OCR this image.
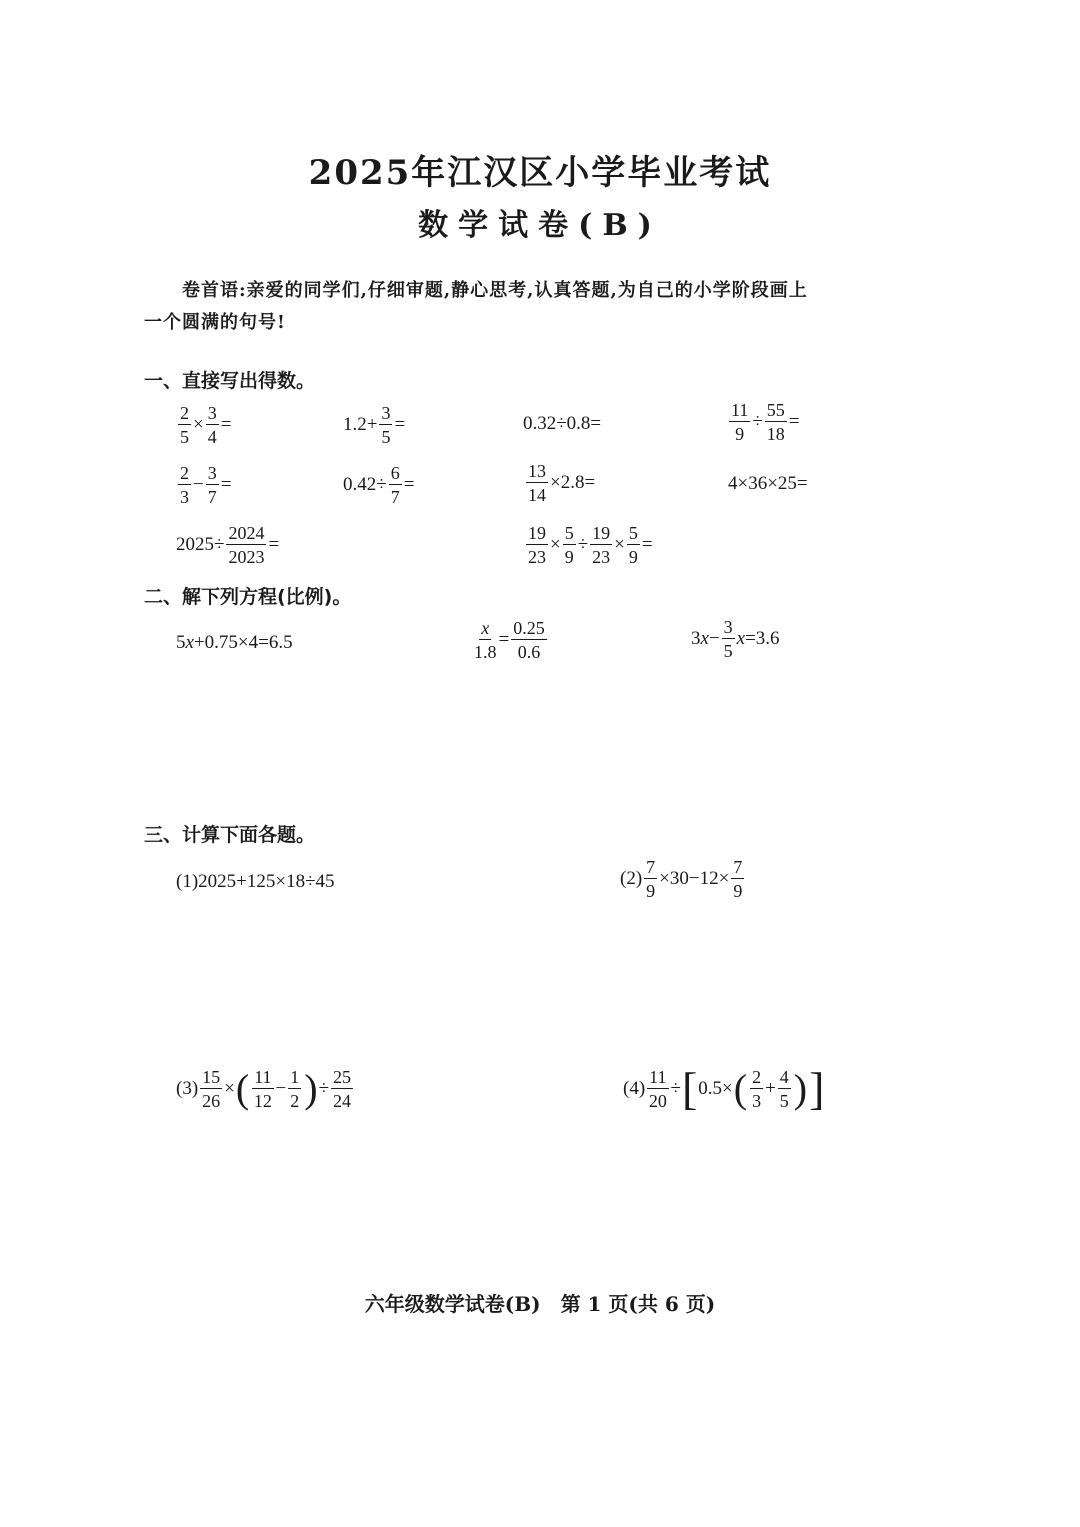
2025年江汉区小学毕业考试
数学试卷(B)
卷首语:亲爱的同学们,仔细审题,静心思考,认真答题,为自己的小学阶段画上
一个圆满的句号!
一、直接写出得数。
$\frac{2}{5} \times \frac{3}{4}$ =	$1.2+ \frac{3}{5}$ =	0.32÷0.8=	$\frac{11}{9} \div \frac{55}{18}$ =
$\frac{2}{3} - \frac{3}{7}$ =	$0.42\div \frac{6}{7}$ =	$\frac{13}{14} \times 2.8=$	4×36×25=
$2025\div \frac{2024}{2023}$ =	$\frac{19}{23} \times \frac{5}{9} \div \frac{19}{23} \times \frac{5}{9}$ =
二、解下列方程(比例)。
5 x +0.75×4=6.5	$\frac{x}{1.8} = \frac{0.25}{0.6}$	3 $x - \frac{3}{5}$ x =3.6
三、计算下面各题。
(1)2025+125×18÷45	$(2) \frac{7}{9} \times 30-12\times \frac{7}{9}$
$(3) \frac{15}{26}$ × ( $\frac{11}{12} - \frac{1}{2}$ ) ÷ $\frac{25}{24}$	$(4) \frac{11}{20}$ ÷ [ 0.5× ( $\frac{2}{3} + \frac{4}{5}$ ) ]
六年级数学试卷(B)　第 1 页(共 6 页)
